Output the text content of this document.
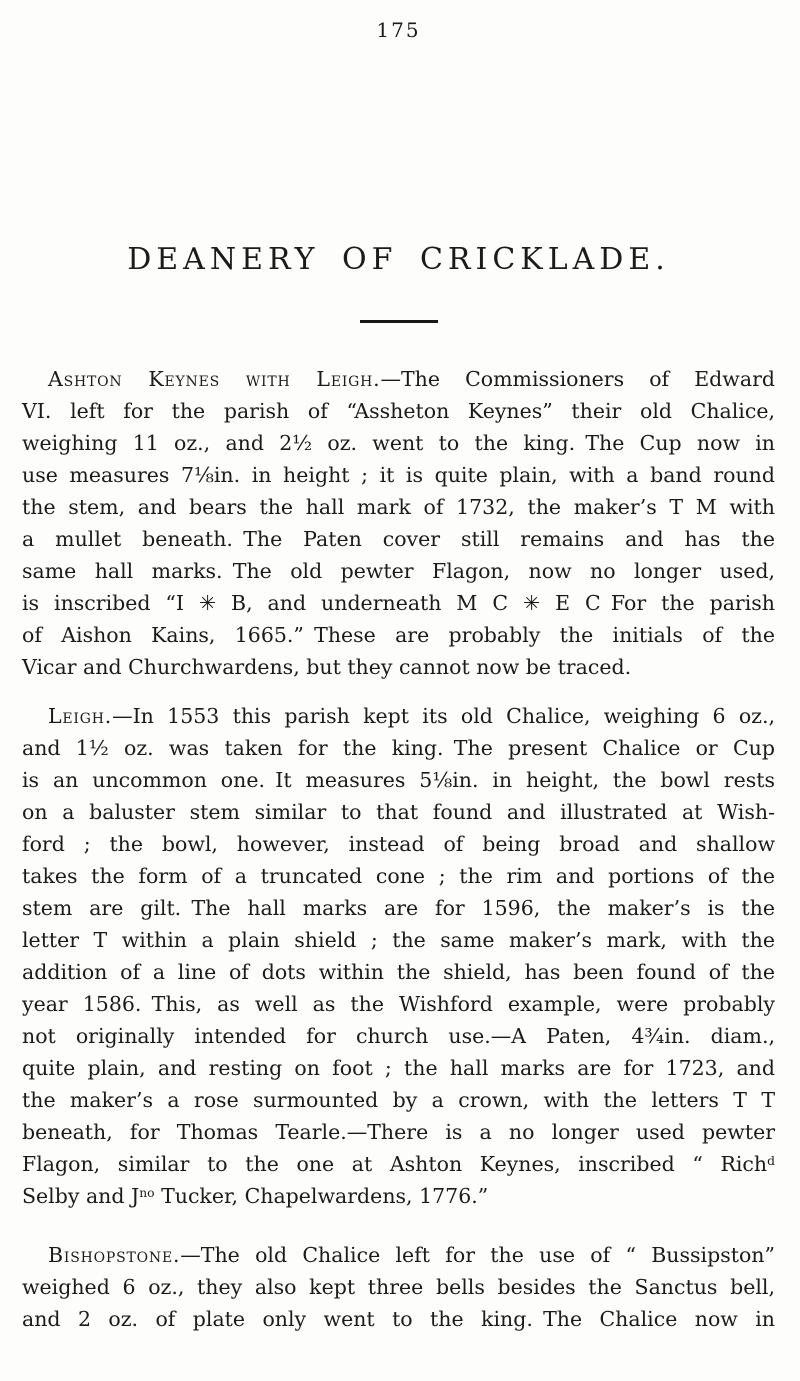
175
DEANERY OF CRICKLADE.
Ashton Keynes with Leigh.—The Commissioners of Edward
VI. left for the parish of “Assheton Keynes” their old Chalice,
weighing 11 oz., and 2½ oz. went to the king. The Cup now in
use measures 7⅛in. in height ; it is quite plain, with a band round
the stem, and bears the hall mark of 1732, the maker’s T M with
a mullet beneath. The Paten cover still remains and has the
same hall marks. The old pewter Flagon, now no longer used,
is inscribed “I ✳ B, and underneath M C ✳ E C For the parish
of Aishon Kains, 1665.” These are probably the initials of the
Vicar and Churchwardens, but they cannot now be traced.
Leigh.—In 1553 this parish kept its old Chalice, weighing 6 oz.,
and 1½ oz. was taken for the king. The present Chalice or Cup
is an uncommon one. It measures 5⅛in. in height, the bowl rests
on a baluster stem similar to that found and illustrated at Wish-
ford ; the bowl, however, instead of being broad and shallow
takes the form of a truncated cone ; the rim and portions of the
stem are gilt. The hall marks are for 1596, the maker’s is the
letter T within a plain shield ; the same maker’s mark, with the
addition of a line of dots within the shield, has been found of the
year 1586. This, as well as the Wishford example, were probably
not originally intended for church use.—A Paten, 4¾in. diam.,
quite plain, and resting on foot ; the hall marks are for 1723, and
the maker’s a rose surmounted by a crown, with the letters T T
beneath, for Thomas Tearle.—There is a no longer used pewter
Flagon, similar to the one at Ashton Keynes, inscribed “ Rich$^d$
Selby and $J^{no}$ Tucker, Chapelwardens, 1776.”
Bishopstone.—The old Chalice left for the use of “ Bussipston”
weighed 6 oz., they also kept three bells besides the Sanctus bell,
and 2 oz. of plate only went to the king. The Chalice now in
